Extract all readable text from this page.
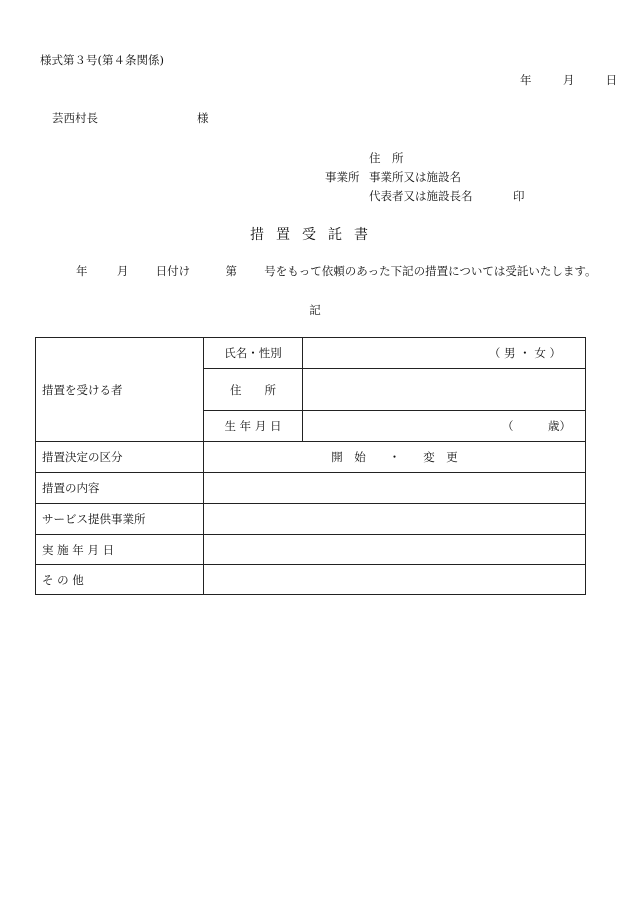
様式第３号(第４条関係)
年	月	日
芸西村長	様
住　所
事業所 事業所又は施設名
代表者又は施設長名	印
措置受託書
年	月 日付け	第 号をもって依頼のあった下記の措置については受託いたします。
記
措置を受ける者	氏名・性別	（ 男 ・ 女 ）

	住　　所	
	生 年 月 日	（　　　歳）

措置決定の区分	開　始　　・　　変　更	
措置の内容		
サービス提供事業所		
実 施 年 月 日		
そ の 他		
